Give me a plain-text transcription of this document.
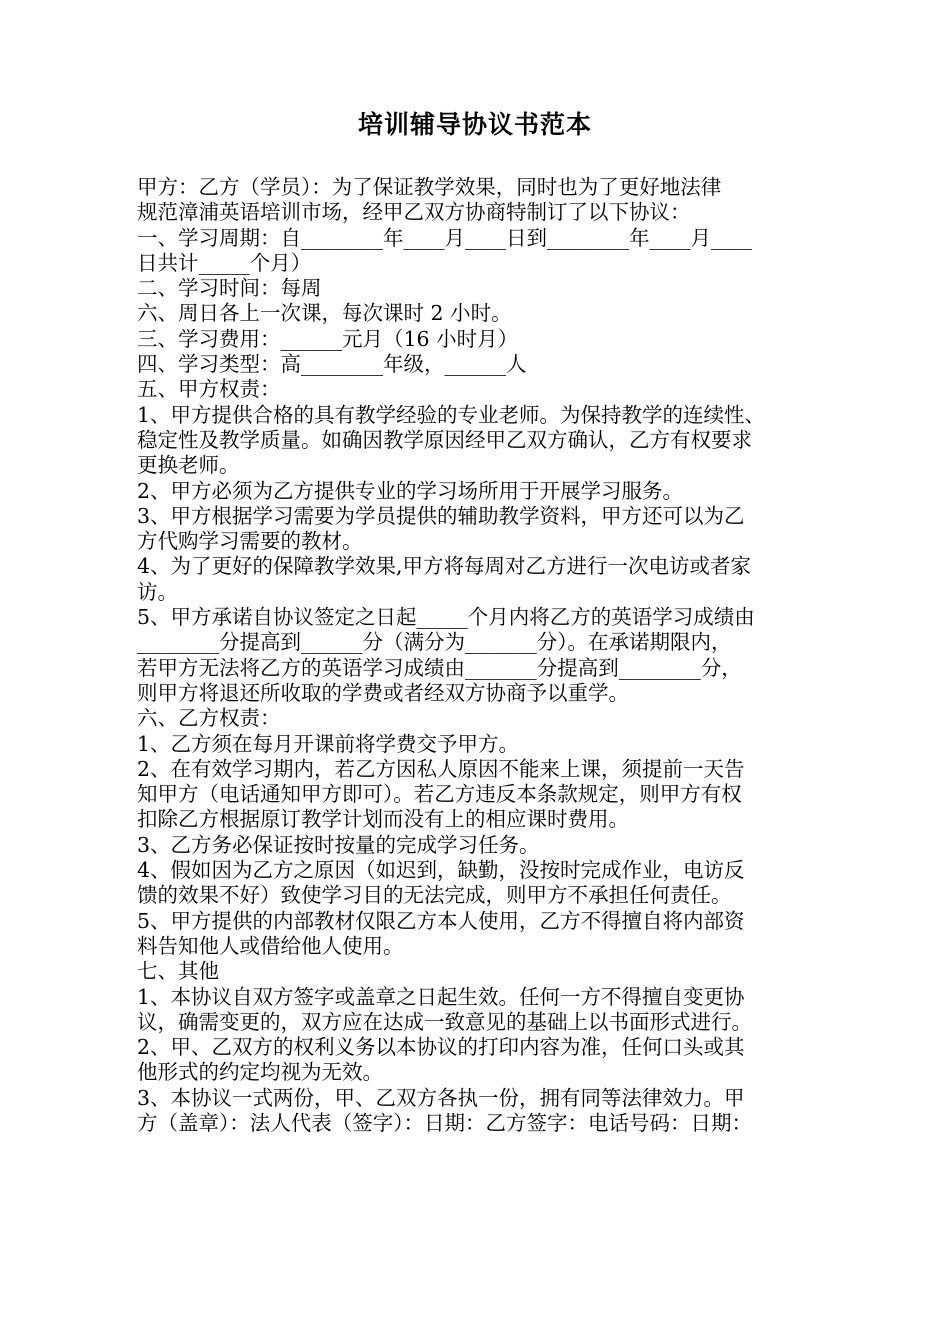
培训辅导协议书范本
甲方：乙方（学员）：为了保证教学效果，同时也为了更好地法律
规范漳浦英语培训市场，经甲乙双方协商特制订了以下协议：
一、学习周期：自________年____月____日到________年____月____
日共计_____个月）
二、学习时间：每周
六、周日各上一次课，每次课时 2 小时。
三、学习费用：______元月（16 小时月）
四、学习类型：高________年级，______人
五、甲方权责：
1、甲方提供合格的具有教学经验的专业老师。为保持教学的连续性、
稳定性及教学质量。如确因教学原因经甲乙双方确认，乙方有权要求
更换老师。
2、甲方必须为乙方提供专业的学习场所用于开展学习服务。
3、甲方根据学习需要为学员提供的辅助教学资料，甲方还可以为乙
方代购学习需要的教材。
4、为了更好的保障教学效果,甲方将每周对乙方进行一次电访或者家
访。
5、甲方承诺自协议签定之日起_____个月内将乙方的英语学习成绩由
________分提高到______分（满分为_______分）。在承诺期限内，
若甲方无法将乙方的英语学习成绩由_______分提高到________分，
则甲方将退还所收取的学费或者经双方协商予以重学。
六、乙方权责：
1、乙方须在每月开课前将学费交予甲方。
2、在有效学习期内，若乙方因私人原因不能来上课，须提前一天告
知甲方（电话通知甲方即可）。若乙方违反本条款规定，则甲方有权
扣除乙方根据原订教学计划而没有上的相应课时费用。
3、乙方务必保证按时按量的完成学习任务。
4、假如因为乙方之原因（如迟到，缺勤，没按时完成作业，电访反
馈的效果不好）致使学习目的无法完成，则甲方不承担任何责任。
5、甲方提供的内部教材仅限乙方本人使用，乙方不得擅自将内部资
料告知他人或借给他人使用。
七、其他
1、本协议自双方签字或盖章之日起生效。任何一方不得擅自变更协
议，确需变更的，双方应在达成一致意见的基础上以书面形式进行。
2、甲、乙双方的权利义务以本协议的打印内容为准，任何口头或其
他形式的约定均视为无效。
3、本协议一式两份，甲、乙双方各执一份，拥有同等法律效力。甲
方（盖章）：法人代表（签字）：日期：乙方签字：电话号码：日期：
